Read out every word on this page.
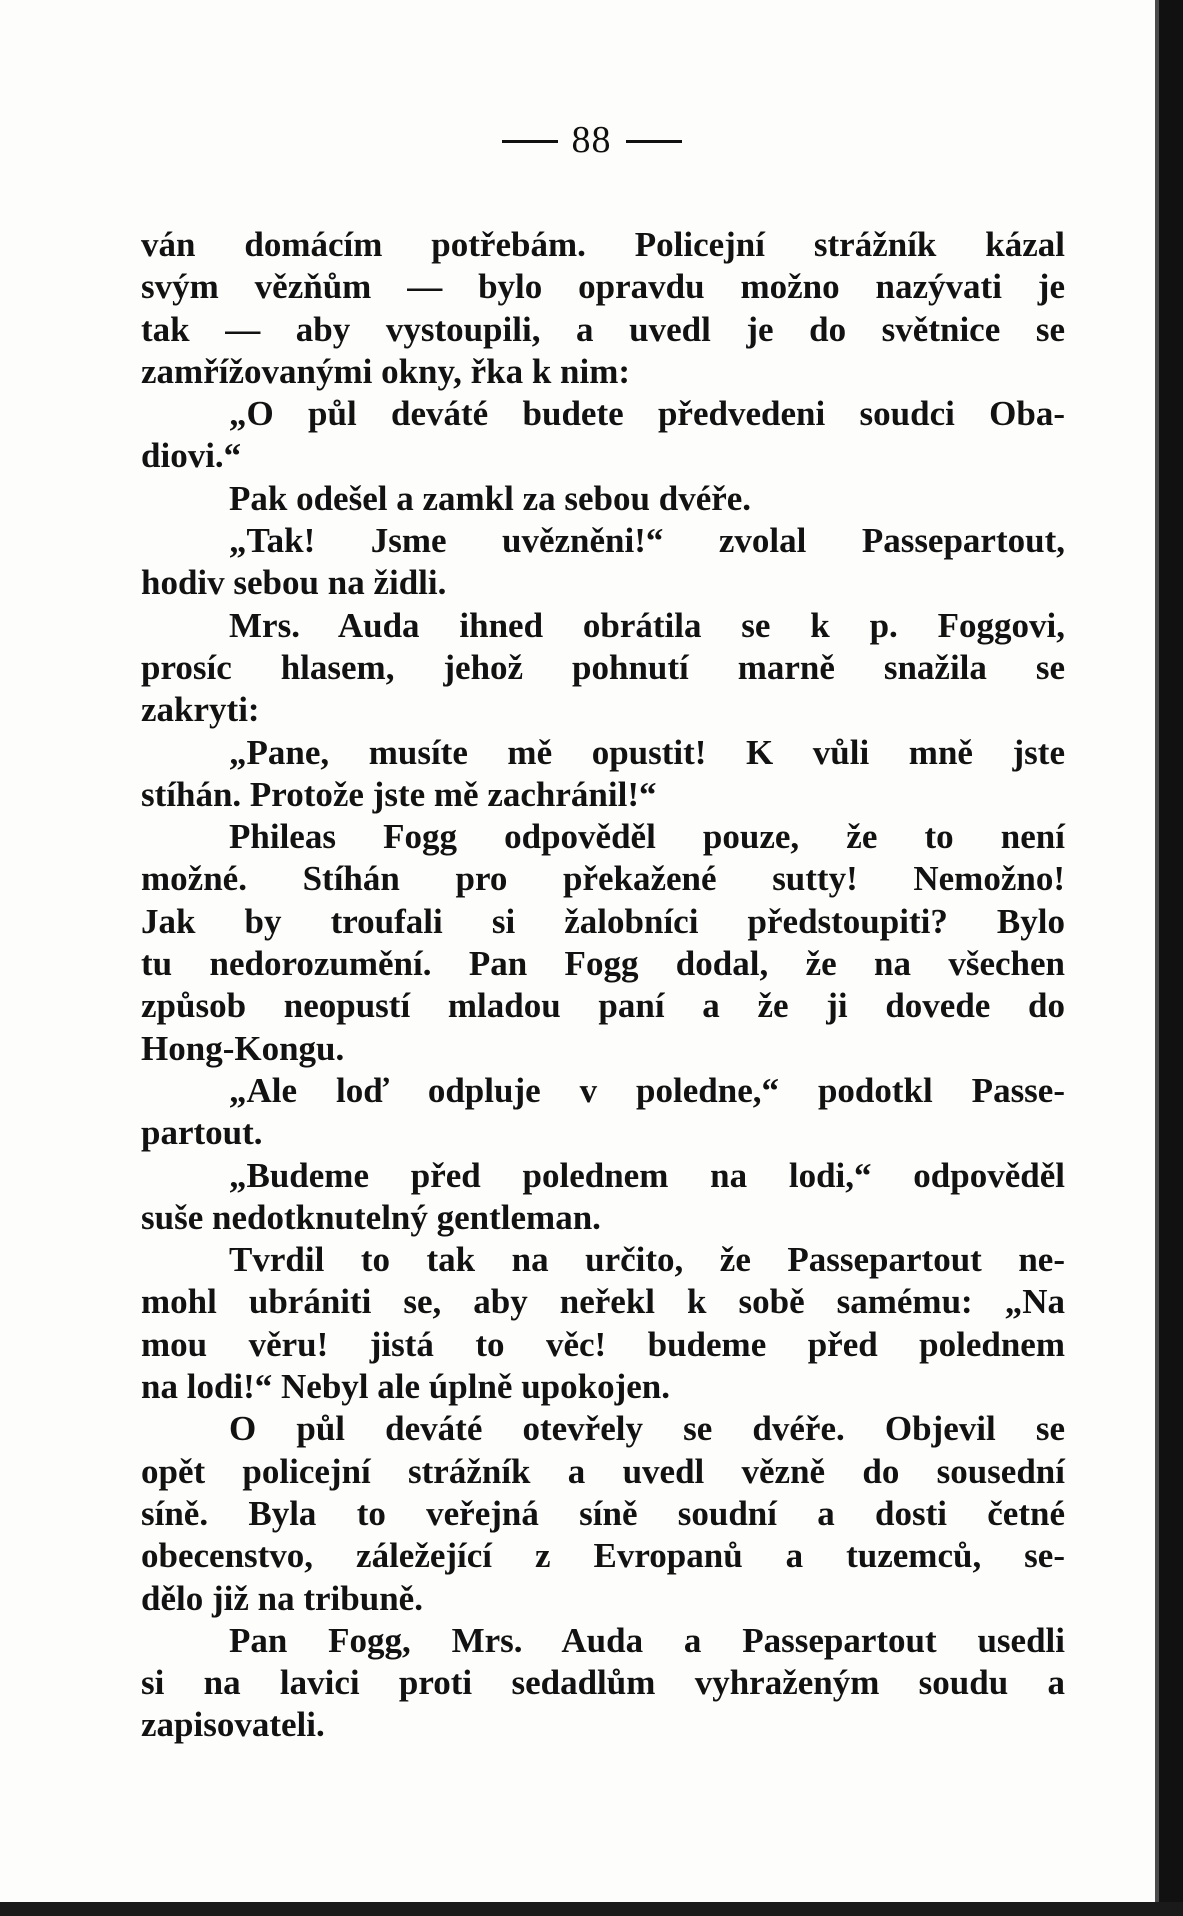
88
ván domácím potřebám. Policejní strážník kázal
svým vězňům — bylo opravdu možno nazývati je
tak — aby vystoupili, a uvedl je do světnice se
zamřížovanými okny, řka k nim:
„O půl deváté budete předvedeni soudci Oba-
diovi.“
Pak odešel a zamkl za sebou dvéře.
„Tak! Jsme uvězněni!“ zvolal Passepartout,
hodiv sebou na židli.
Mrs. Auda ihned obrátila se k p. Foggovi,
prosíc hlasem, jehož pohnutí marně snažila se
zakryti:
„Pane, musíte mě opustit! K vůli mně jste
stíhán. Protože jste mě zachránil!“
Phileas Fogg odpověděl pouze, že to není
možné. Stíhán pro překažené sutty! Nemožno!
Jak by troufali si žalobníci předstoupiti? Bylo
tu nedorozumění. Pan Fogg dodal, že na všechen
způsob neopustí mladou paní a že ji dovede do
Hong-Kongu.
„Ale loď odpluje v poledne,“ podotkl Passe-
partout.
„Budeme před polednem na lodi,“ odpověděl
suše nedotknutelný gentleman.
Tvrdil to tak na určito, že Passepartout ne-
mohl ubrániti se, aby neřekl k sobě samému: „Na
mou věru! jistá to věc! budeme před polednem
na lodi!“ Nebyl ale úplně upokojen.
O půl deváté otevřely se dvéře. Objevil se
opět policejní strážník a uvedl vězně do sousední
síně. Byla to veřejná síně soudní a dosti četné
obecenstvo, záležející z Evropanů a tuzemců, se-
dělo již na tribuně.
Pan Fogg, Mrs. Auda a Passepartout usedli
si na lavici proti sedadlům vyhraženým soudu a
zapisovateli.
